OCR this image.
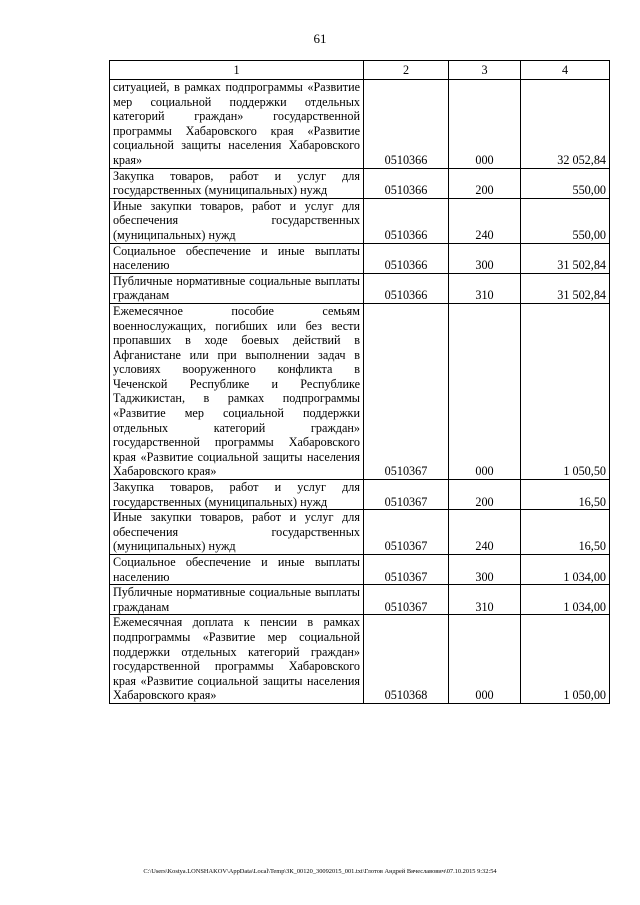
61
1	2	3	4
ситуацией, в рамках подпрограммы «Развитие мер социальной поддержки отдельных категорий граждан» государственной программы Хабаровского края «Развитие социальной защиты населения Хабаровского края»	0510366	000	32 052,84
Закупка товаров, работ и услуг для государственных (муниципальных) нужд	0510366	200	550,00
Иные закупки товаров, работ и услуг для обеспечения государственных (муниципальных) нужд	0510366	240	550,00
Социальное обеспечение и иные выплаты населению	0510366	300	31 502,84
Публичные нормативные социальные выплаты гражданам	0510366	310	31 502,84
Ежемесячное пособие семьям военнослужащих, погибших или без вести пропавших в ходе боевых действий в Афганистане или при выполнении задач в условиях вооруженного конфликта в Чеченской Республике и Республике Таджикистан, в рамках подпрограммы «Развитие мер социальной поддержки отдельных категорий граждан» государственной программы Хабаровского края «Развитие социальной защиты населения Хабаровского края»	0510367	000	1 050,50
Закупка товаров, работ и услуг для государственных (муниципальных) нужд	0510367	200	16,50
Иные закупки товаров, работ и услуг для обеспечения государственных (муниципальных) нужд	0510367	240	16,50
Социальное обеспечение и иные выплаты населению	0510367	300	1 034,00
Публичные нормативные социальные выплаты гражданам	0510367	310	1 034,00
Ежемесячная доплата к пенсии в рамках подпрограммы «Развитие мер социальной поддержки отдельных категорий граждан» государственной программы Хабаровского края «Развитие социальной защиты населения Хабаровского края»	0510368	000	1 050,00
C:\Users\Kostya.LONSHAKOV\AppData\Local\Temp\ЗК_00120_30092015_001.txt\Глотов Андрей Вячеславович\07.10.2015 9:32:54
